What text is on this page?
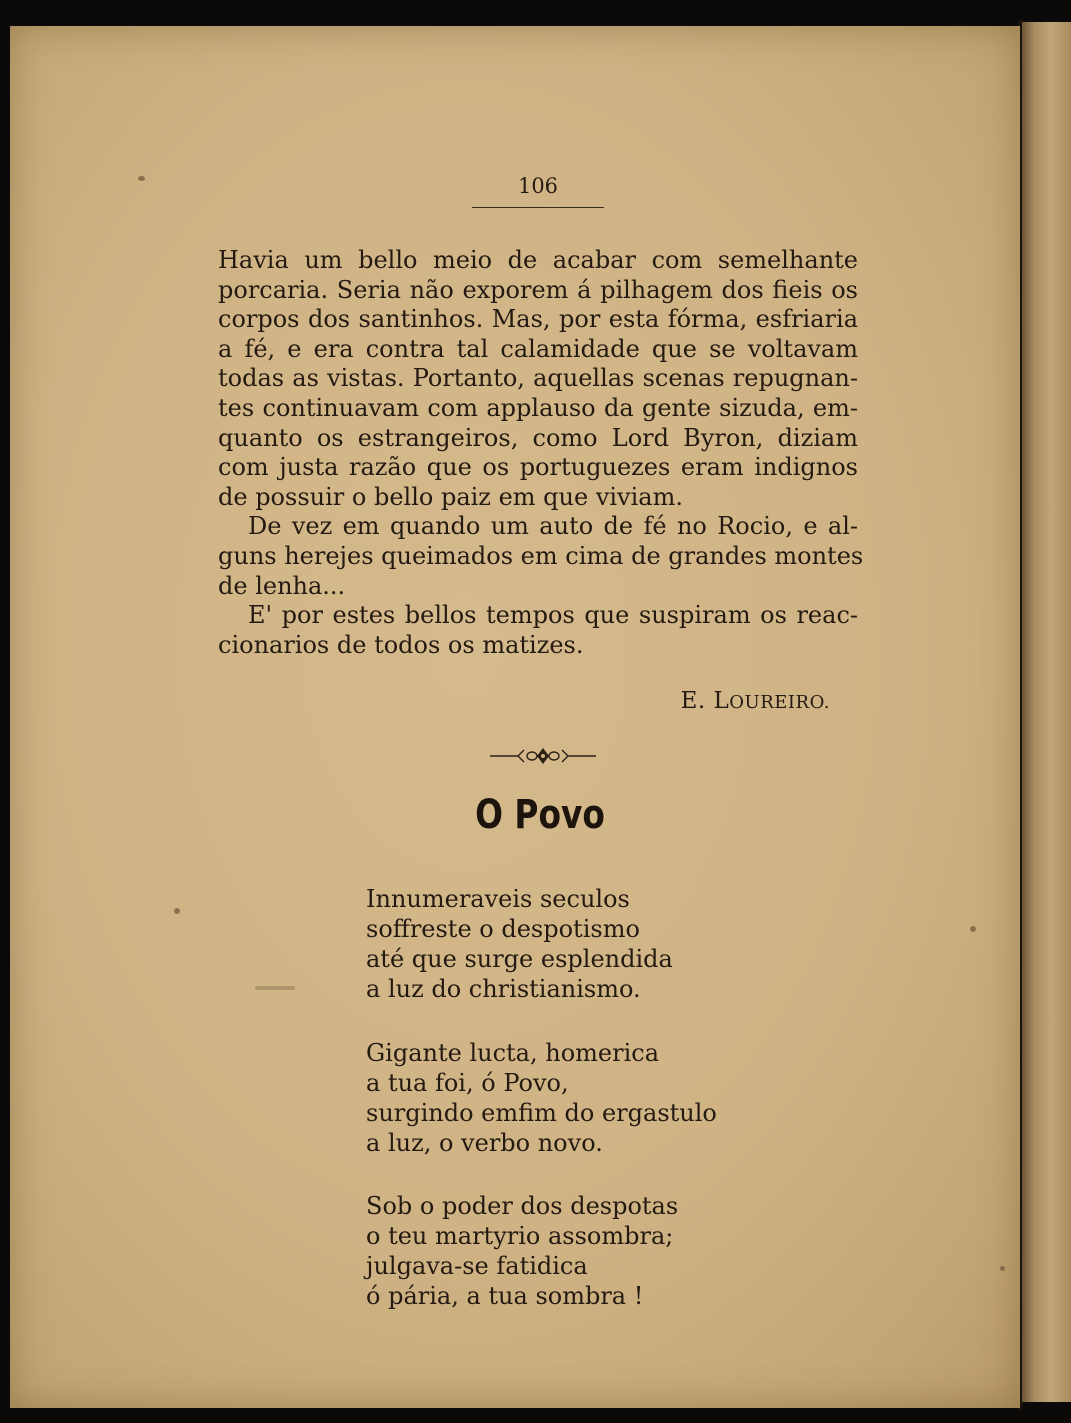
106

Havia um bello meio de acabar com semelhante
porcaria. Seria não exporem á pilhagem dos fieis os
corpos dos santinhos. Mas, por esta fórma, esfriaria
a fé, e era contra tal calamidade que se voltavam
todas as vistas. Portanto, aquellas scenas repugnan-
tes continuavam com applauso da gente sizuda, em-
quanto os estrangeiros, como Lord Byron, diziam
com justa razão que os portuguezes eram indignos
de possuir o bello paiz em que viviam.

De vez em quando um auto de fé no Rocio, e al-
guns herejes queimados em cima de grandes montes
de lenha...

E' por estes bellos tempos que suspiram os reac-
cionarios de todos os matizes.

E. LOUREIRO.

O Povo
Innumeraveis seculos
soffreste o despotismo
até que surge esplendida
a luz do christianismo.
Gigante lucta, homerica
a tua foi, ó Povo,
surgindo emfim do ergastulo
a luz, o verbo novo.
Sob o poder dos despotas
o teu martyrio assombra;
julgava-se fatidica
ó pária, a tua sombra !
